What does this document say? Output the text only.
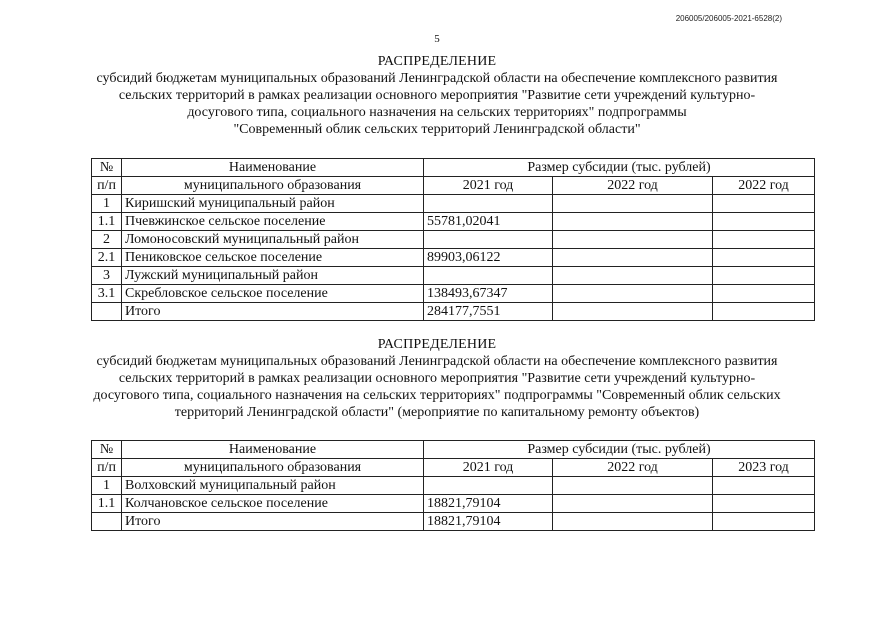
206005/206005-2021-6528(2)
5
РАСПРЕДЕЛЕНИЕ
субсидий бюджетам муниципальных образований Ленинградской области на обеспечение комплексного развития
сельских территорий в рамках реализации основного мероприятия "Развитие сети учреждений культурно-
досугового типа, социального назначения на сельских территориях" подпрограммы
"Современный облик сельских территорий Ленинградской области"
№	Наименование	Размер субсидии (тыс. рублей)		
п/п	муниципального образования	2021 год	2022 год	2022 год
1	Киришский муниципальный район			
1.1	Пчевжинское сельское поселение	55781,02041		
2	Ломоносовский муниципальный район			
2.1	Пениковское сельское поселение	89903,06122		
3	Лужский муниципальный район			
3.1	Скребловское сельское поселение	138493,67347		
	Итого	284177,7551		
РАСПРЕДЕЛЕНИЕ
субсидий бюджетам муниципальных образований Ленинградской области на обеспечение комплексного развития
сельских территорий в рамках реализации основного мероприятия "Развитие сети учреждений культурно-
досугового типа, социального назначения на сельских территориях" подпрограммы "Современный облик сельских
территорий Ленинградской области" (мероприятие по капитальному ремонту объектов)
№	Наименование	Размер субсидии (тыс. рублей)		
п/п	муниципального образования	2021 год	2022 год	2023 год
1	Волховский муниципальный район			
1.1	Колчановское сельское поселение	18821,79104		
	Итого	18821,79104		
